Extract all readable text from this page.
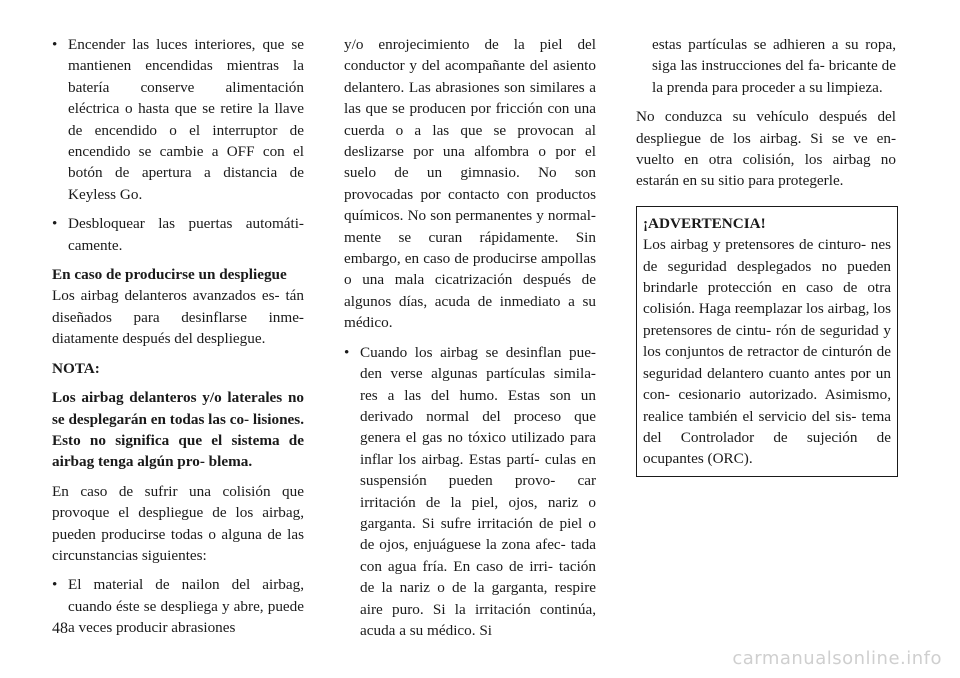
• Encender las luces interiores, que se mantienen encendidas mientras la batería conserve alimentación eléctrica o hasta que se retire la llave de encendido o el interruptor de encendido se cambie a OFF con el botón de apertura a distancia de Keyless Go.
• Desbloquear las puertas automáti- camente.

En caso de producirse un despliegue

Los airbag delanteros avanzados es- tán diseñados para desinflarse inme- diatamente después del despliegue.

NOTA:

Los airbag delanteros y/o laterales no se desplegarán en todas las co- lisiones. Esto no significa que el sistema de airbag tenga algún pro- blema.

En caso de sufrir una colisión que provoque el despliegue de los airbag, pueden producirse todas o alguna de las circunstancias siguientes:

• El material de nailon del airbag, cuando éste se despliega y abre, puede a veces producir abrasiones

y/o enrojecimiento de la piel del conductor y del acompañante del asiento delantero. Las abrasiones son similares a las que se producen por fricción con una cuerda o a las que se provocan al deslizarse por una alfombra o por el suelo de un gimnasio. No son provocadas por contacto con productos químicos. No son permanentes y normal- mente se curan rápidamente. Sin embargo, en caso de producirse ampollas o una mala cicatrización después de algunos días, acuda de inmediato a su médico.

• Cuando los airbag se desinflan pue- den verse algunas partículas simila- res a las del humo. Estas son un derivado normal del proceso que genera el gas no tóxico utilizado para inflar los airbag. Estas partí- culas en suspensión pueden provo- car irritación de la piel, ojos, nariz o garganta. Si sufre irritación de piel o de ojos, enjuáguese la zona afec- tada con agua fría. En caso de irri- tación de la nariz o de la garganta, respire aire puro. Si la irritación continúa, acuda a su médico. Si

estas partículas se adhieren a su ropa, siga las instrucciones del fa- bricante de la prenda para proceder a su limpieza.

No conduzca su vehículo después del despliegue de los airbag. Si se ve en- vuelto en otra colisión, los airbag no estarán en su sitio para protegerle.

¡ADVERTENCIA!

Los airbag y pretensores de cinturo- nes de seguridad desplegados no pueden brindarle protección en caso de otra colisión. Haga reemplazar los airbag, los pretensores de cintu- rón de seguridad y los conjuntos de retractor de cinturón de seguridad delantero cuanto antes por un con- cesionario autorizado. Asimismo, realice también el servicio del sis- tema del Controlador de sujeción de ocupantes (ORC).

48
carmanualsonline.info
